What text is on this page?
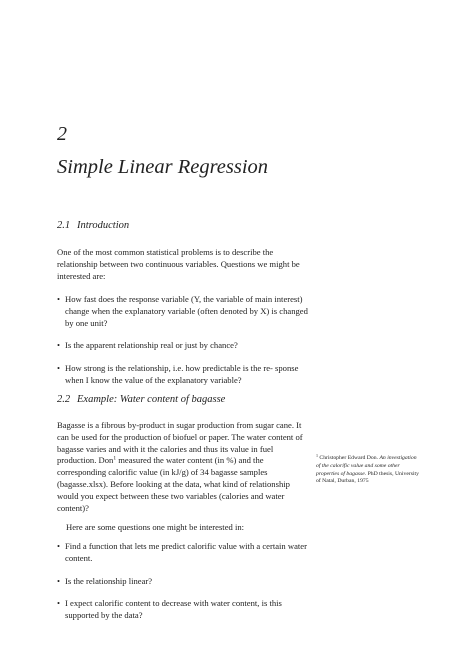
2
Simple Linear Regression
2.1 Introduction

One of the most common statistical problems is to describe the relationship between two continuous variables. Questions we might be interested are:

• How fast does the response variable (Y, the variable of main interest) change when the explanatory variable (often denoted by X) is changed by one unit?
• Is the apparent relationship real or just by chance?
• How strong is the relationship, i.e. how predictable is the re- sponse when I know the value of the explanatory variable?
2.2 Example: Water content of bagasse

Bagasse is a fibrous by-product in sugar production from sugar cane. It can be used for the production of biofuel or paper. The water content of bagasse varies and with it the calories and thus its value in fuel production. Don$^1$ measured the water content (in %) and the corresponding calorific value (in kJ/g) of 34 bagasse samples (bagasse.xlsx). Before looking at the data, what kind of relationship would you expect between these two variables (calories and water content)?

Here are some questions one might be interested in:

• Find a function that lets me predict calorific value with a certain water content.
• Is the relationship linear?
• I expect calorific content to decrease with water content, is this supported by the data?

$^1$ Christopher Edward Don. An investigation of the calorific value and some other properties of bagasse. PhD thesis, University of Natal, Durban, 1975
